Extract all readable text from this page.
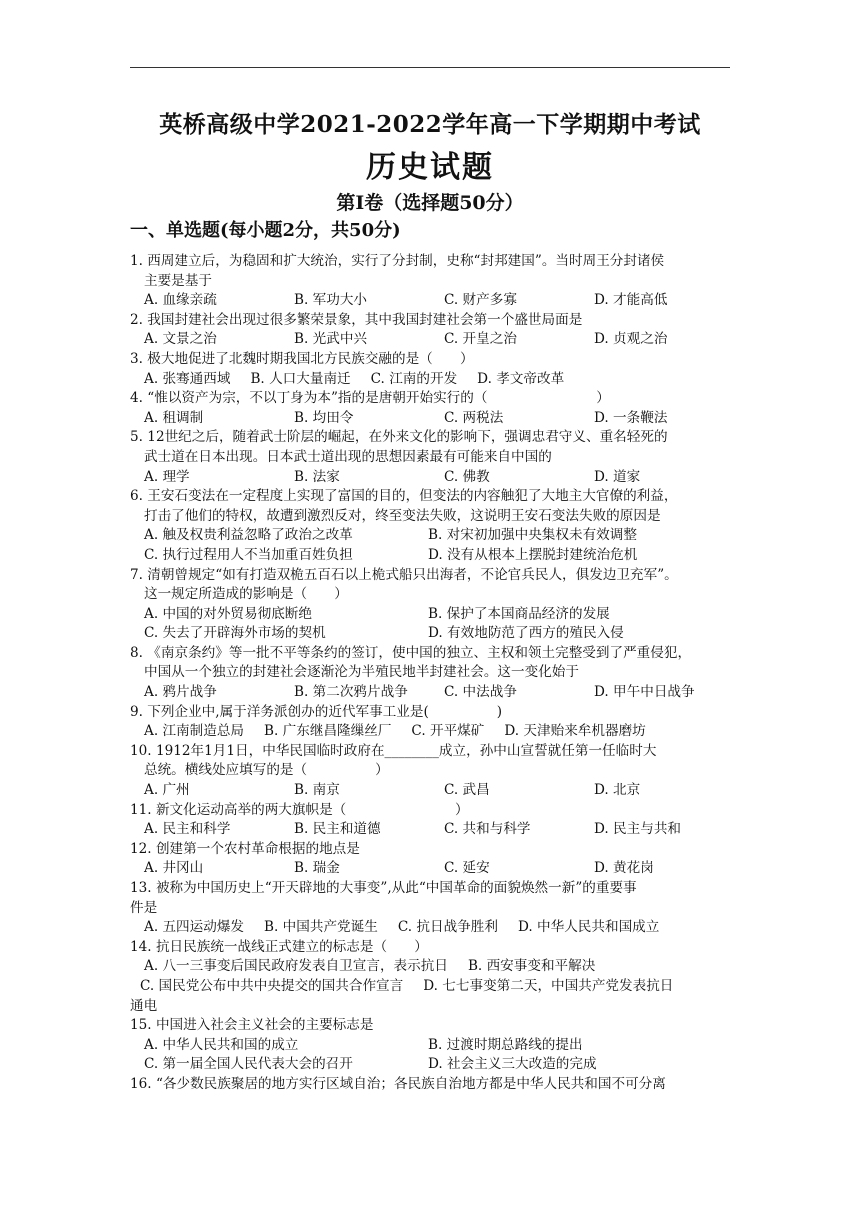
英桥高级中学2021-2022学年高一下学期期中考试
历史试题
第Ⅰ卷（选择题50分）
一、单选题(每小题2分，共50分)
1. 西周建立后，为稳固和扩大统治，实行了分封制，史称“封邦建国”。当时周王分封诸侯
主要是基于
A. 血缘亲疏	B. 军功大小	C. 财产多寡	D. 才能高低
2. 我国封建社会出现过很多繁荣景象，其中我国封建社会第一个盛世局面是
A. 文景之治	B. 光武中兴	C. 开皇之治	D. 贞观之治
3. 极大地促进了北魏时期我国北方民族交融的是（　　）
A. 张骞通西域 B. 人口大量南迁 C. 江南的开发 D. 孝文帝改革
4. “惟以资产为宗，不以丁身为本”指的是唐朝开始实行的（　　　　　　　　）
A. 租调制	B. 均田令	C. 两税法	D. 一条鞭法
5. 12世纪之后，随着武士阶层的崛起，在外来文化的影响下，强调忠君守义、重名轻死的
武士道在日本出现。日本武士道出现的思想因素最有可能来自中国的
A. 理学	B. 法家	C. 佛教	D. 道家
6. 王安石变法在一定程度上实现了富国的目的，但变法的内容触犯了大地主大官僚的利益，
打击了他们的特权，故遭到激烈反对，终至变法失败，这说明王安石变法失败的原因是
A. 触及权贵利益忽略了政治之改革	B. 对宋初加强中央集权未有效调整
C. 执行过程用人不当加重百姓负担	D. 没有从根本上摆脱封建统治危机
7. 清朝曾规定“如有打造双桅五百石以上桅式船只出海者，不论官兵民人，俱发边卫充军”。
这一规定所造成的影响是（　　）
A. 中国的对外贸易彻底断绝	B. 保护了本国商品经济的发展
C. 失去了开辟海外市场的契机	D. 有效地防范了西方的殖民入侵
8. 《南京条约》等一批不平等条约的签订，使中国的独立、主权和领土完整受到了严重侵犯，
中国从一个独立的封建社会逐渐沦为半殖民地半封建社会。这一变化始于
A. 鸦片战争	B. 第二次鸦片战争	C. 中法战争	D. 甲午中日战争
9. 下列企业中,属于洋务派创办的近代军事工业是(　　　　　)
A. 江南制造总局 B. 广东继昌隆缫丝厂 C. 开平煤矿 D. 天津贻来牟机器磨坊
10. 1912年1月1日，中华民国临时政府在________成立，孙中山宣誓就任第一任临时大
总统。横线处应填写的是（　　　　　）
A. 广州	B. 南京	C. 武昌	D. 北京
11. 新文化运动高举的两大旗帜是（　　　　　　　　）
A. 民主和科学	B. 民主和道德	C. 共和与科学	D. 民主与共和
12. 创建第一个农村革命根据的地点是
A. 井冈山	B. 瑞金	C. 延安	D. 黄花岗
13. 被称为中国历史上“开天辟地的大事变”,从此“中国革命的面貌焕然一新”的重要事
件是
A. 五四运动爆发 B. 中国共产党诞生 C. 抗日战争胜利 D. 中华人民共和国成立
14. 抗日民族统一战线正式建立的标志是（　　）
A. 八一三事变后国民政府发表自卫宣言，表示抗日 B. 西安事变和平解决
C. 国民党公布中共中央提交的国共合作宣言 D. 七七事变第二天，中国共产党发表抗日
通电
15. 中国进入社会主义社会的主要标志是
A. 中华人民共和国的成立	B. 过渡时期总路线的提出
C. 第一届全国人民代表大会的召开	D. 社会主义三大改造的完成
16. “各少数民族聚居的地方实行区域自治；各民族自治地方都是中华人民共和国不可分离
